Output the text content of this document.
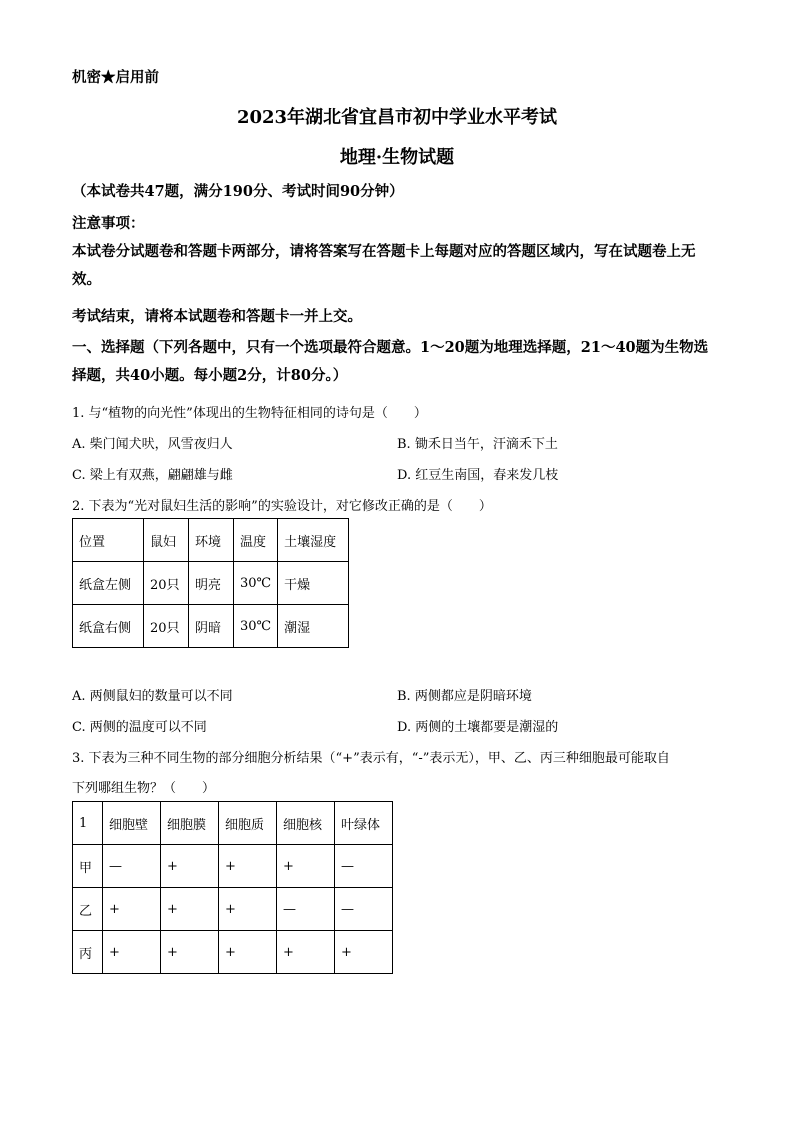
机密★启用前
2023年湖北省宜昌市初中学业水平考试
地理·生物试题
（本试卷共47题，满分190分、考试时间90分钟）
注意事项：
本试卷分试题卷和答题卡两部分，请将答案写在答题卡上每题对应的答题区域内，写在试题卷上无效。
考试结束，请将本试题卷和答题卡一并上交。
一、选择题（下列各题中，只有一个选项最符合题意。1～20题为地理选择题，21～40题为生物选择题，共40小题。每小题2分，计80分。）
1. 与“植物的向光性”体现出的生物特征相同的诗句是（　　）
A. 柴门闻犬吠，风雪夜归人	B. 锄禾日当午，汗滴禾下土
C. 梁上有双燕，翩翩雄与雌	D. 红豆生南国，春来发几枝
2. 下表为“光对鼠妇生活的影响”的实验设计，对它修改正确的是（　　）
位置	鼠妇	环境	温度	土壤湿度
纸盒左侧	20只	明亮	30℃	干燥
纸盒右侧	20只	阴暗	30℃	潮湿
A. 两侧鼠妇的数量可以不同	B. 两侧都应是阴暗环境
C. 两侧的温度可以不同	D. 两侧的土壤都要是潮湿的
3. 下表为三种不同生物的部分细胞分析结果（“+”表示有，“-”表示无），甲、乙、丙三种细胞最可能取自
下列哪组生物？（　　）
1	细胞壁	细胞膜	细胞质	细胞核	叶绿体
甲	—	+	+	+	—
乙	+	+	+	—	—
丙	+	+	+	+	+
